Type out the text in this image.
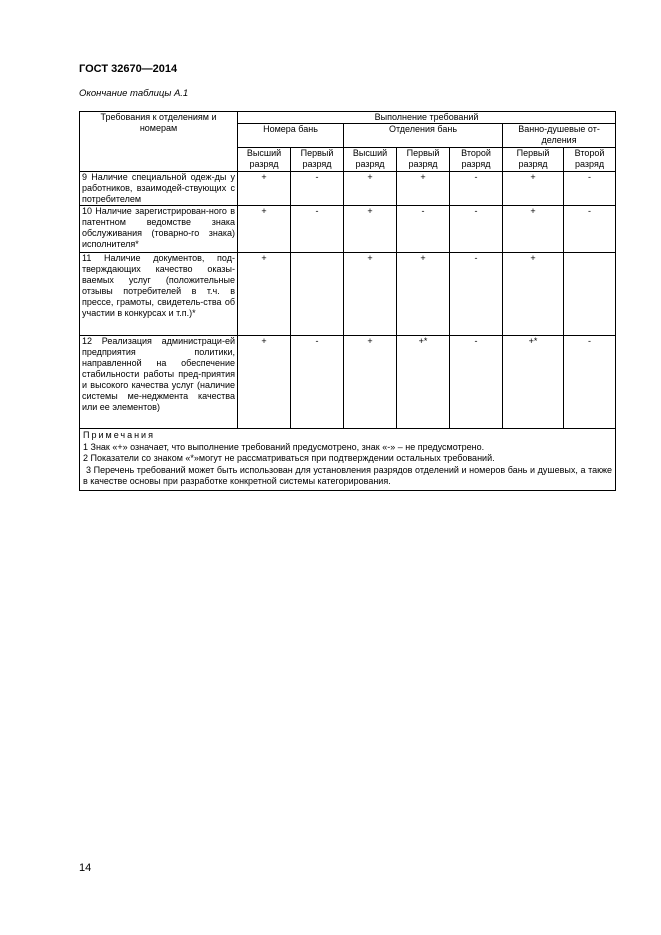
ГОСТ 32670—2014
Окончание таблицы А.1
Требования к отделениям и номерам	Выполнение требований						
	Номера бань		Отделения бань			Ванно-душевые от-деления	
	Высший разряд	Первый разряд	Высший разряд	Первый разряд	Второй разряд	Первый разряд	Второй разряд
9 Наличие специальной одеж-ды у работников, взаимодей-ствующих с потребителем	+	-	+	+	-	+	-
10 Наличие зарегистрирован-ного в патентном ведомстве знака обслуживания (товарно-го знака) исполнителя*	+	-	+	-	-	+	-
11 Наличие документов, под-тверждающих качество оказы-ваемых услуг (положительные отзывы потребителей в т.ч. в прессе, грамоты, свидетель-ства об участии в конкурсах и т.п.)*	+		+	+	-	+	
12 Реализация администраци-ей предприятия политики, направленной на обеспечение стабильности работы пред-приятия и высокого качества услуг (наличие системы ме-неджмента качества или ее элементов)	+	-	+	+*	-	+*	-

Примечания
1 Знак «+» означает, что выполнение требований предусмотрено, знак «-» – не предусмотрено.
2 Показатели со знаком «*»могут не рассматриваться при подтверждении остальных требований.
3 Перечень требований может быть использован для установления разрядов отделений и номеров бань и душевых, а также в качестве основы при разработке конкретной системы категорирования.							
14
